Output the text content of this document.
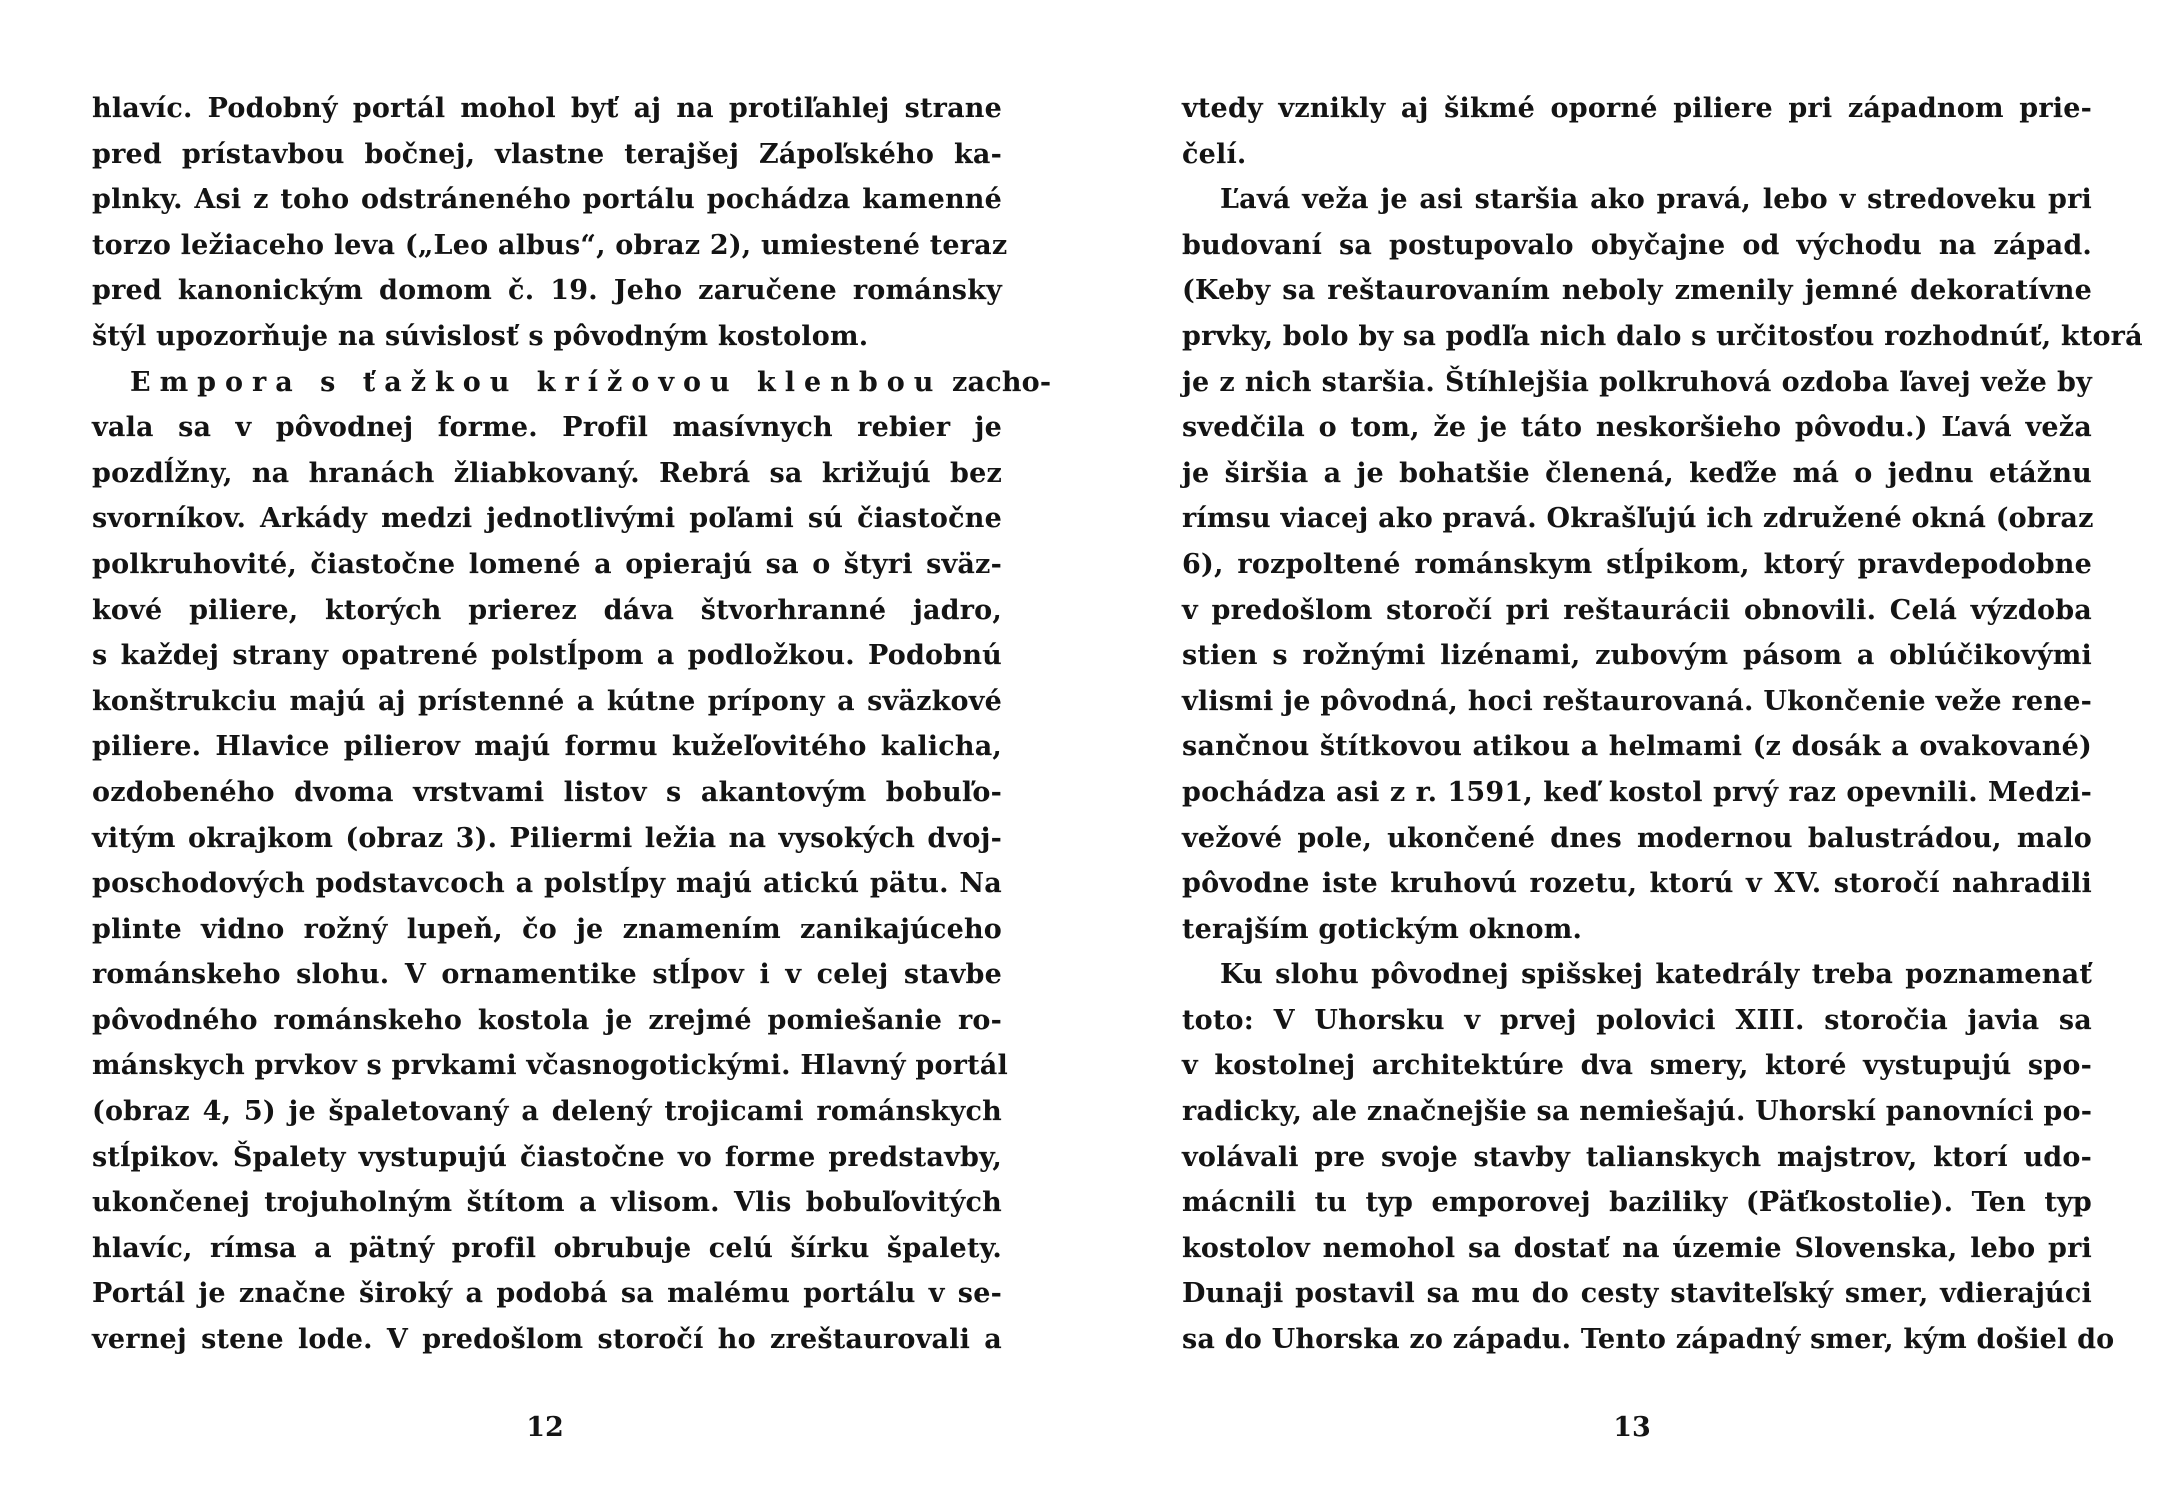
hlavíc. Podobný portál mohol byť aj na protiľahlej strane
pred prístavbou bočnej, vlastne terajšej Zápoľského ka-
plnky. Asi z toho odstráneného portálu pochádza kamenné
torzo ležiaceho leva („Leo albus“, obraz 2), umiestené teraz
pred kanonickým domom č. 19. Jeho zaručene románsky
štýl upozorňuje na súvislosť s pôvodným kostolom.
Empora s ťažkou krížovou klenbou zacho-
vala sa v pôvodnej forme. Profil masívnych rebier je
pozdĺžny, na hranách žliabkovaný. Rebrá sa križujú bez
svorníkov. Arkády medzi jednotlivými poľami sú čiastočne
polkruhovité, čiastočne lomené a opierajú sa o štyri sväz-
kové piliere, ktorých prierez dáva štvorhranné jadro,
s každej strany opatrené polstĺpom a podložkou. Podobnú
konštrukciu majú aj prístenné a kútne prípony a sväzkové
piliere. Hlavice pilierov majú formu kužeľovitého kalicha,
ozdobeného dvoma vrstvami listov s akantovým bobuľo-
vitým okrajkom (obraz 3). Piliermi ležia na vysokých dvoj-
poschodových podstavcoch a polstĺpy majú atickú pätu. Na
plinte vidno rožný lupeň, čo je znamením zanikajúceho
románskeho slohu. V ornamentike stĺpov i v celej stavbe
pôvodného románskeho kostola je zrejmé pomiešanie ro-
mánskych prvkov s prvkami včasnogotickými. Hlavný portál
(obraz 4, 5) je špaletovaný a delený trojicami románskych
stĺpikov. Špalety vystupujú čiastočne vo forme predstavby,
ukončenej trojuholným štítom a vlisom. Vlis bobuľovitých
hlavíc, rímsa a pätný profil obrubuje celú šírku špalety.
Portál je značne široký a podobá sa malému portálu v se-
vernej stene lode. V predošlom storočí ho zreštaurovali a
12
vtedy vznikly aj šikmé oporné piliere pri západnom prie-
čelí.
Ľavá veža je asi staršia ako pravá, lebo v stredoveku pri
budovaní sa postupovalo obyčajne od východu na západ.
(Keby sa reštaurovaním neboly zmenily jemné dekoratívne
prvky, bolo by sa podľa nich dalo s určitosťou rozhodnúť, ktorá
je z nich staršia. Štíhlejšia polkruhová ozdoba ľavej veže by
svedčila o tom, že je táto neskoršieho pôvodu.) Ľavá veža
je širšia a je bohatšie členená, keďže má o jednu etážnu
rímsu viacej ako pravá. Okrašľujú ich združené okná (obraz
6), rozpoltené románskym stĺpikom, ktorý pravdepodobne
v predošlom storočí pri reštaurácii obnovili. Celá výzdoba
stien s rožnými lizénami, zubovým pásom a oblúčikovými
vlismi je pôvodná, hoci reštaurovaná. Ukončenie veže rene-
sančnou štítkovou atikou a helmami (z dosák a ovakované)
pochádza asi z r. 1591, keď kostol prvý raz opevnili. Medzi-
vežové pole, ukončené dnes modernou balustrádou, malo
pôvodne iste kruhovú rozetu, ktorú v XV. storočí nahradili
terajším gotickým oknom.
Ku slohu pôvodnej spišskej katedrály treba poznamenať
toto: V Uhorsku v prvej polovici XIII. storočia javia sa
v kostolnej architektúre dva smery, ktoré vystupujú spo-
radicky, ale značnejšie sa nemiešajú. Uhorskí panovníci po-
volávali pre svoje stavby talianskych majstrov, ktorí udo-
mácnili tu typ emporovej baziliky (Päťkostolie). Ten typ
kostolov nemohol sa dostať na územie Slovenska, lebo pri
Dunaji postavil sa mu do cesty staviteľský smer, vdierajúci
sa do Uhorska zo západu. Tento západný smer, kým došiel do
13
